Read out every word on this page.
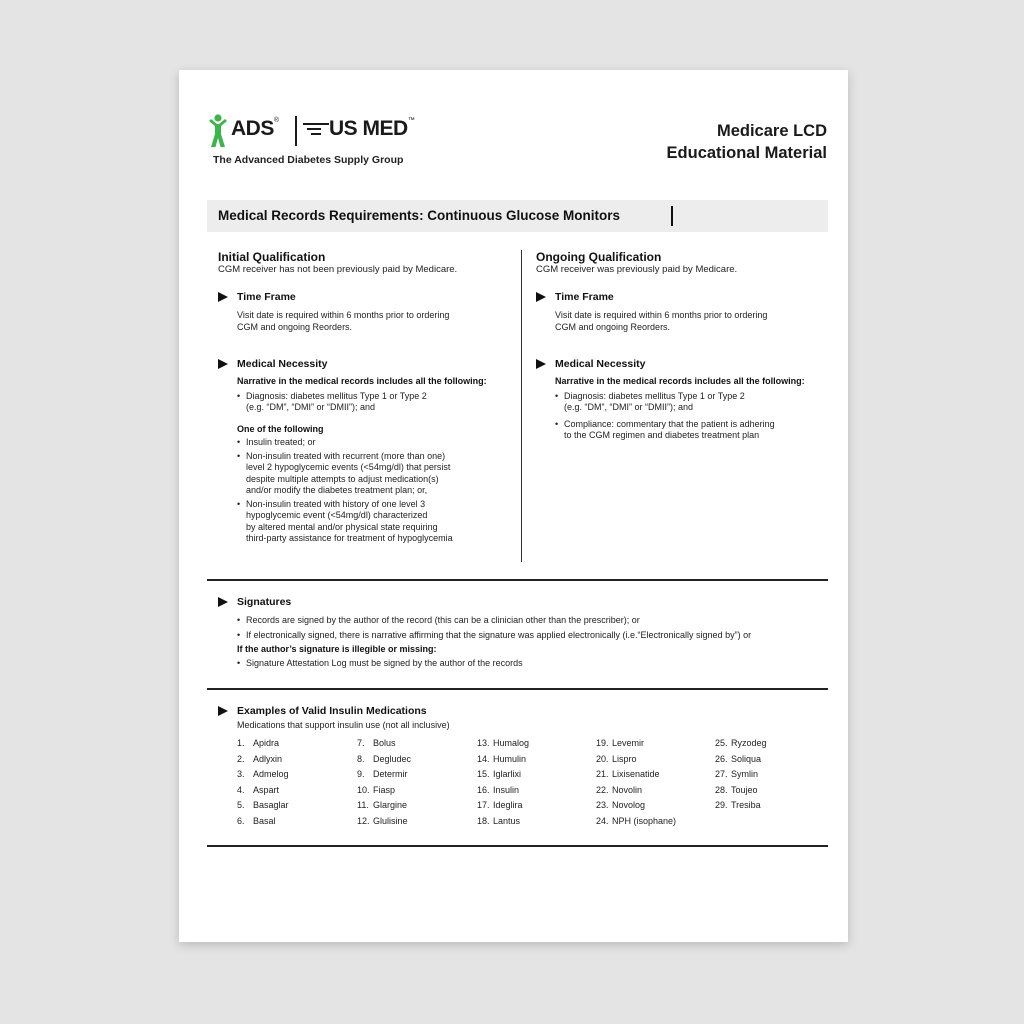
ADS® US MED™
The Advanced Diabetes Supply Group
Medicare LCD
Educational Material
Medical Records Requirements: Continuous Glucose Monitors
Initial Qualification
CGM receiver has not been previously paid by Medicare.
Time Frame
Visit date is required within 6 months prior to ordering
CGM and ongoing Reorders.
Medical Necessity
Narrative in the medical records includes all the following:
• Diagnosis: diabetes mellitus Type 1 or Type 2
(e.g. “DM”, “DMI” or “DMII”); and
One of the following
• Insulin treated; or
• Non-insulin treated with recurrent (more than one)
level 2 hypoglycemic events (<54mg/dl) that persist
despite multiple attempts to adjust medication(s)
and/or modify the diabetes treatment plan; or,
• Non-insulin treated with history of one level 3
hypoglycemic event (<54mg/dl) characterized
by altered mental and/or physical state requiring
third-party assistance for treatment of hypoglycemia
Ongoing Qualification
CGM receiver was previously paid by Medicare.
Time Frame
Visit date is required within 6 months prior to ordering
CGM and ongoing Reorders.
Medical Necessity
Narrative in the medical records includes all the following:
• Diagnosis: diabetes mellitus Type 1 or Type 2
(e.g. “DM”, “DMI” or “DMII”); and
• Compliance: commentary that the patient is adhering
to the CGM regimen and diabetes treatment plan
Signatures
• Records are signed by the author of the record (this can be a clinician other than the prescriber); or
• If electronically signed, there is narrative affirming that the signature was applied electronically (i.e.“Electronically signed by”) or
If the author’s signature is illegible or missing:
• Signature Attestation Log must be signed by the author of the records
Examples of Valid Insulin Medications
Medications that support insulin use (not all inclusive)
1. Apidra
2. Adlyxin
3. Admelog
4. Aspart
5. Basaglar
6. Basal
7. Bolus
8. Degludec
9. Determir
10. Fiasp
11. Glargine
12. Glulisine
13. Humalog
14. Humulin
15. Iglarlixi
16. Insulin
17. Ideglira
18. Lantus
19. Levemir
20. Lispro
21. Lixisenatide
22. Novolin
23. Novolog
24. NPH (isophane)
25. Ryzodeg
26. Soliqua
27. Symlin
28. Toujeo
29. Tresiba
